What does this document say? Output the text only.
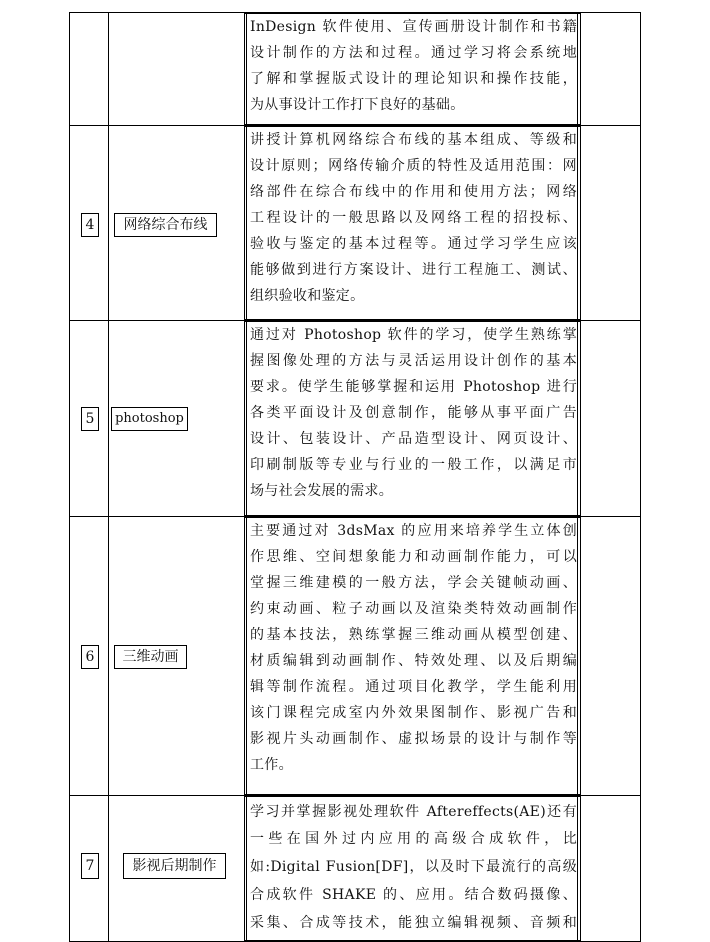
InDesign 软件使用、宣传画册设计制作和书籍
设计制作的方法和过程。通过学习将会系统地
了解和掌握版式设计的理论知识和操作技能，
为从事设计工作打下良好的基础。
4	网络综合布线
讲授计算机网络综合布线的基本组成、等级和
设计原则；网络传输介质的特性及适用范围：网
络部件在综合布线中的作用和使用方法；网络
工程设计的一般思路以及网络工程的招投标、
验收与鉴定的基本过程等。通过学习学生应该
能够做到进行方案设计、进行工程施工、测试、
组织验收和鉴定。
5	photoshop
通过对 Photoshop 软件的学习，使学生熟练掌
握图像处理的方法与灵活运用设计创作的基本
要求。使学生能够掌握和运用 Photoshop 进行
各类平面设计及创意制作，能够从事平面广告
设计、包装设计、产品造型设计、网页设计、
印刷制版等专业与行业的一般工作，以满足市
场与社会发展的需求。
6	三维动画
主要通过对 3dsMax 的应用来培养学生立体创
作思维、空间想象能力和动画制作能力，可以
堂握三维建模的一般方法，学会关键帧动画、
约束动画、粒子动画以及渲染类特效动画制作
的基本技法，熟练掌握三维动画从模型创建、
材质编辑到动画制作、特效处理、以及后期编
辑等制作流程。通过项目化教学，学生能利用
该门课程完成室内外效果图制作、影视广告和
影视片头动画制作、虚拟场景的设计与制作等
工作。
7	影视后期制作
学习并掌握影视处理软件 Aftereffects(AE)还有
一些在国外过内应用的高级合成软件，比
如:Digital Fusion[DF]，以及时下最流行的高级
合成软件 SHAKE 的、应用。结合数码摄像、
采集、合成等技术，能独立编辑视频、音频和
